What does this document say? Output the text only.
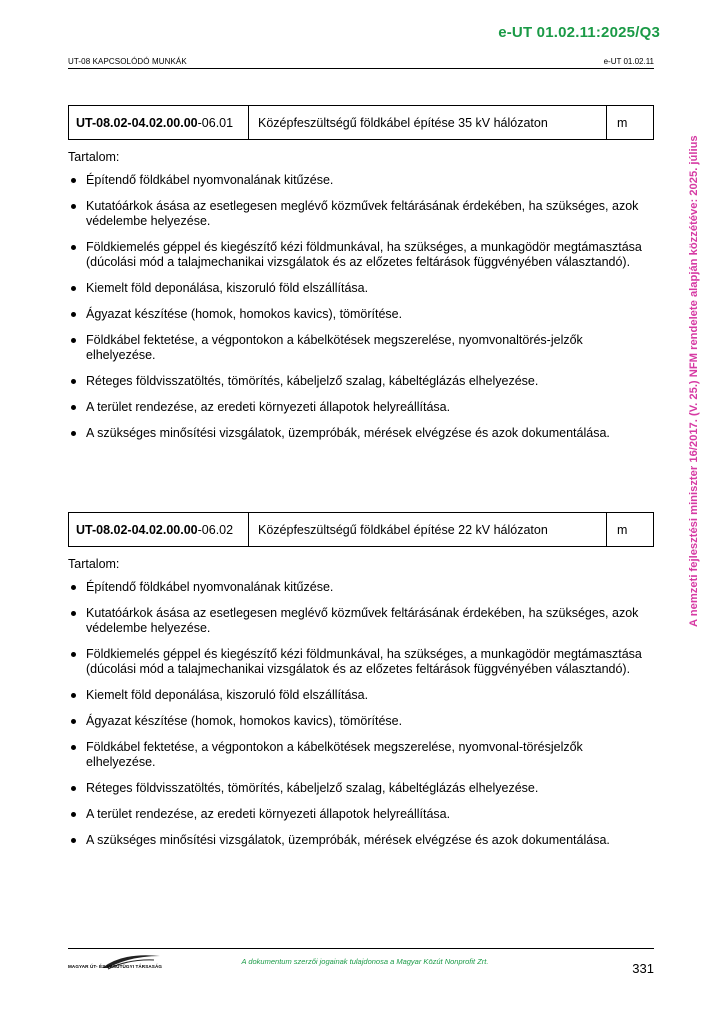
e-UT 01.02.11:2025/Q3
UT-08 KAPCSOLÓDÓ MUNKÁK	e-UT 01.02.11
A nemzeti fejlesztési miniszter 16/2017. (V. 25.) NFM rendelete alapján közzétéve: 2025. július
UT-08.02-04.02.00.00 -06.01	Középfeszültségű földkábel építése 35 kV hálózaton	m
Tartalom:
Építendő földkábel nyomvonalának kitűzése.
Kutatóárkok ásása az esetlegesen meglévő közművek feltárásának érdekében, ha szükséges, azok védelembe helyezése.
Földkiemelés géppel és kiegészítő kézi földmunkával, ha szükséges, a munkagödör megtámasztása (dúcolási mód a talajmechanikai vizsgálatok és az előzetes feltárások függvényében választandó).
Kiemelt föld deponálása, kiszoruló föld elszállítása.
Ágyazat készítése (homok, homokos kavics), tömörítése.
Földkábel fektetése, a végpontokon a kábelkötések megszerelése, nyomvonaltörés-jelzők elhelyezése.
Réteges földvisszatöltés, tömörítés, kábeljelző szalag, kábeltéglázás elhelyezése.
A terület rendezése, az eredeti környezeti állapotok helyreállítása.
A szükséges minősítési vizsgálatok, üzempróbák, mérések elvégzése és azok dokumentálása.
UT-08.02-04.02.00.00 -06.02	Középfeszültségű földkábel építése 22 kV hálózaton	m
Tartalom:
Építendő földkábel nyomvonalának kitűzése.
Kutatóárkok ásása az esetlegesen meglévő közművek feltárásának érdekében, ha szükséges, azok védelembe helyezése.
Földkiemelés géppel és kiegészítő kézi földmunkával, ha szükséges, a munkagödör megtámasztása (dúcolási mód a talajmechanikai vizsgálatok és az előzetes feltárások függvényében választandó).
Kiemelt föld deponálása, kiszoruló föld elszállítása.
Ágyazat készítése (homok, homokos kavics), tömörítése.
Földkábel fektetése, a végpontokon a kábelkötések megszerelése, nyomvonal-törésjelzők elhelyezése.
Réteges földvisszatöltés, tömörítés, kábeljelző szalag, kábeltéglázás elhelyezése.
A terület rendezése, az eredeti környezeti állapotok helyreállítása.
A szükséges minősítési vizsgálatok, üzempróbák, mérések elvégzése és azok dokumentálása.
MAGYAR ÚT- ÉS VASÚTÜGYI TÁRSASÁG
A dokumentum szerzői jogainak tulajdonosa a Magyar Közút Nonprofit Zrt.	331
